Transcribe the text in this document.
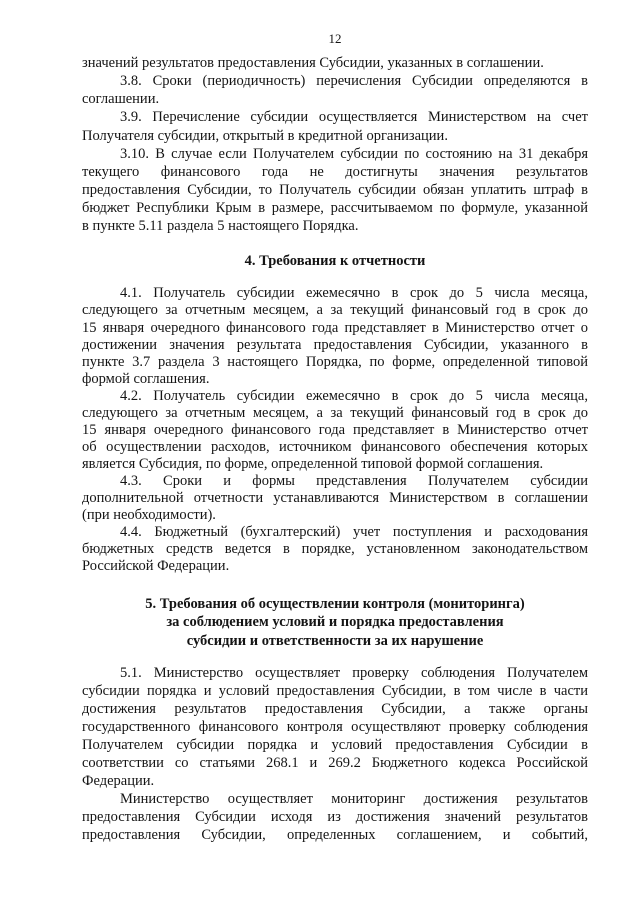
12
значений результатов предоставления Субсидии, указанных в соглашении.
3.8. Сроки (периодичность) перечисления Субсидии определяются в
соглашении.
3.9. Перечисление субсидии осуществляется Министерством на счет
Получателя субсидии, открытый в кредитной организации.
3.10. В случае если Получателем субсидии по состоянию на 31 декабря
текущего финансового года не достигнуты значения результатов
предоставления Субсидии, то Получатель субсидии обязан уплатить штраф в
бюджет Республики Крым в размере, рассчитываемом по формуле, указанной
в пункте 5.11 раздела 5 настоящего Порядка.
4. Требования к отчетности
4.1. Получатель субсидии ежемесячно в срок до 5 числа месяца,
следующего за отчетным месяцем, а за текущий финансовый год в срок до
15 января очередного финансового года представляет в Министерство отчет о
достижении значения результата предоставления Субсидии, указанного в
пункте 3.7 раздела 3 настоящего Порядка, по форме, определенной типовой
формой соглашения.
4.2. Получатель субсидии ежемесячно в срок до 5 числа месяца,
следующего за отчетным месяцем, а за текущий финансовый год в срок до
15 января очередного финансового года представляет в Министерство отчет
об осуществлении расходов, источником финансового обеспечения которых
является Субсидия, по форме, определенной типовой формой соглашения.
4.3. Сроки и формы представления Получателем субсидии
дополнительной отчетности устанавливаются Министерством в соглашении
(при необходимости).
4.4. Бюджетный (бухгалтерский) учет поступления и расходования
бюджетных средств ведется в порядке, установленном законодательством
Российской Федерации.
5. Требования об осуществлении контроля (мониторинга)
за соблюдением условий и порядка предоставления
субсидии и ответственности за их нарушение
5.1. Министерство осуществляет проверку соблюдения Получателем
субсидии порядка и условий предоставления Субсидии, в том числе в части
достижения результатов предоставления Субсидии, а также органы
государственного финансового контроля осуществляют проверку соблюдения
Получателем субсидии порядка и условий предоставления Субсидии в
соответствии со статьями 268.1 и 269.2 Бюджетного кодекса Российской
Федерации.
Министерство осуществляет мониторинг достижения результатов
предоставления Субсидии исходя из достижения значений результатов
предоставления Субсидии, определенных соглашением, и событий,
